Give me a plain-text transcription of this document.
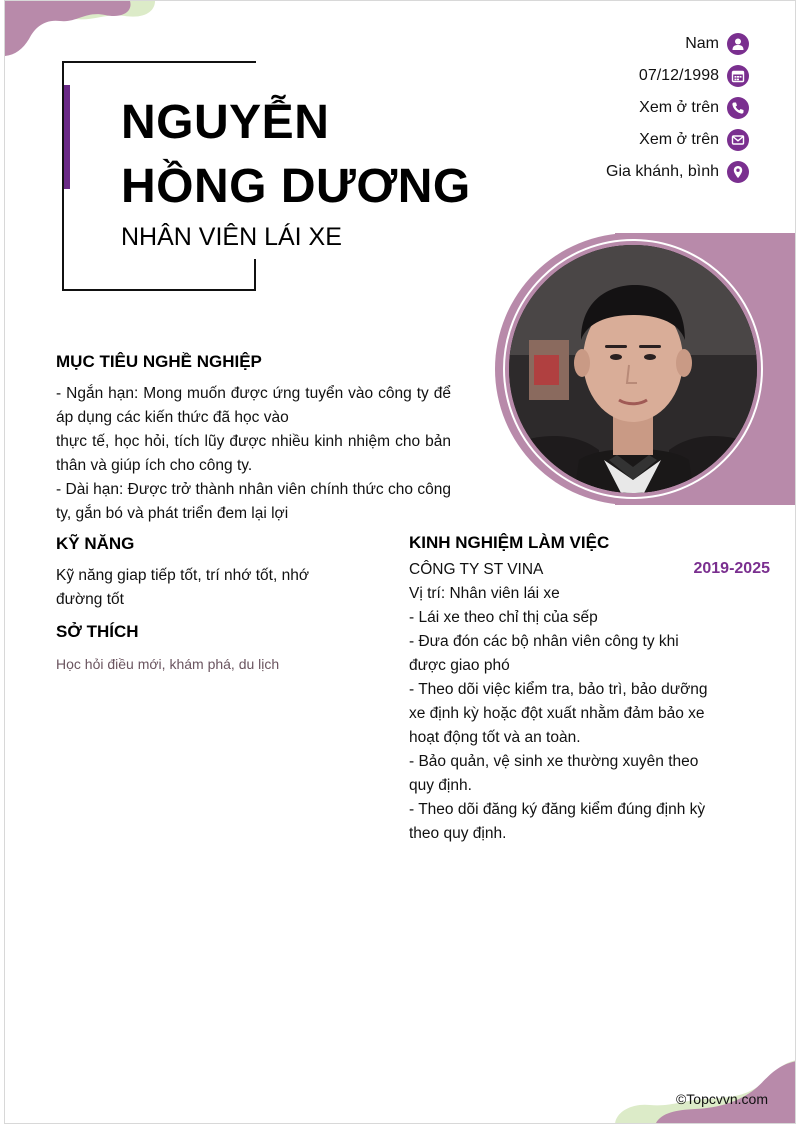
NGUYỄN
HỒNG DƯƠNG
NHÂN VIÊN LÁI XE
Nam
07/12/1998
Xem ở trên
Xem ở trên
Gia khánh, bình
MỤC TIÊU NGHỀ NGHIỆP
- Ngắn hạn: Mong muốn được ứng tuyển vào công ty để áp dụng các kiến thức đã học vào
thực tế, học hỏi, tích lũy được nhiều kinh nhiệm cho bản thân và giúp ích cho công ty.
- Dài hạn: Được trở thành nhân viên chính thức cho công ty, gắn bó và phát triển đem lại lợi
KỸ NĂNG
Kỹ năng giap tiếp tốt, trí nhớ tốt, nhớ đường tốt
SỞ THÍCH
Học hỏi điều mới, khám phá, du lịch
KINH NGHIỆM LÀM VIỆC
CÔNG TY ST VINA	2019-2025
Vị trí: Nhân viên lái xe
- Lái xe theo chỉ thị của sếp
- Đưa đón các bộ nhân viên công ty khi được giao phó
- Theo dõi việc kiểm tra, bảo trì, bảo dưỡng xe định kỳ hoặc đột xuất nhằm đảm bảo xe hoạt động tốt và an toàn.
- Bảo quản, vệ sinh xe thường xuyên theo quy định.
- Theo dõi đăng ký đăng kiểm đúng định kỳ theo quy định.
©Topcvvn.com
